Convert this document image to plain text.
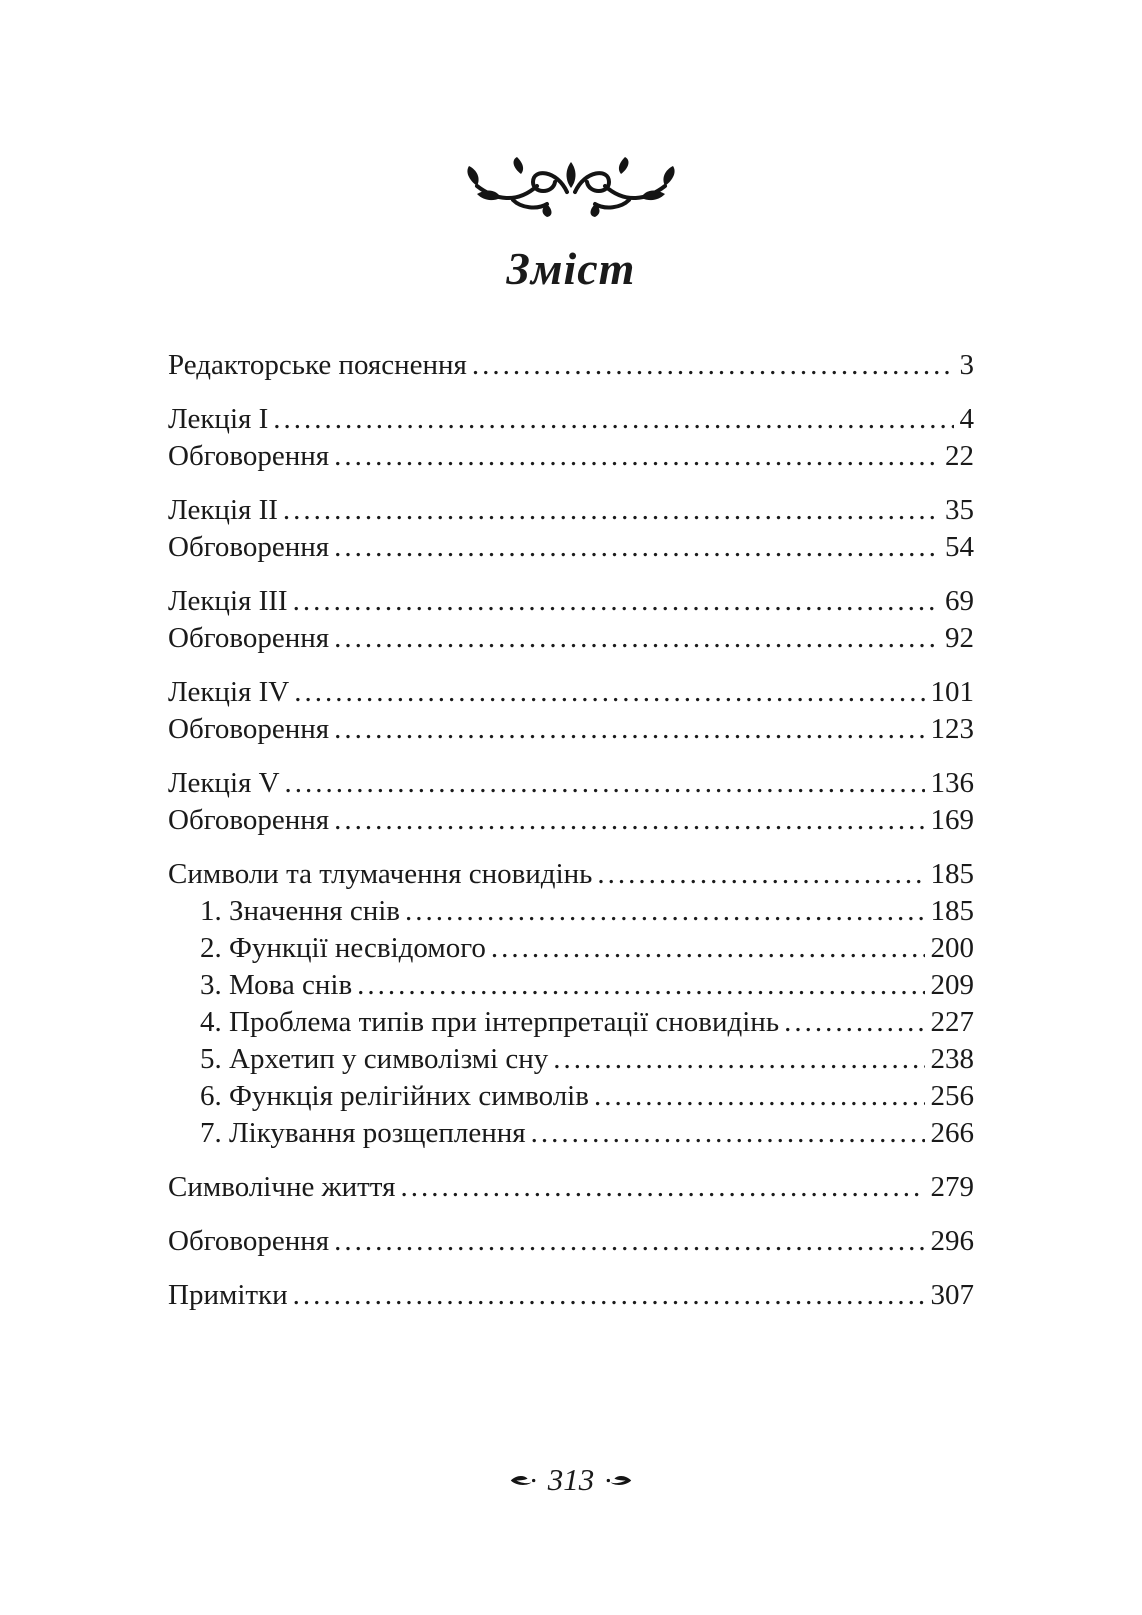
Зміст
Редакторське пояснення .....	3
Лекція I .....	4
Обговорення .....	22
Лекція II .....	35
Обговорення .....	54
Лекція III .....	69
Обговорення .....	92
Лекція IV .....	101
Обговорення .....	123
Лекція V .....	136
Обговорення .....	169
Символи та тлумачення сновидінь .....	185
1. Значення снів .....	185
2. Функції несвідомого .....	200
3. Мова снів .....	209
4. Проблема типів при інтерпретації сновидінь .....	227
5. Архетип у символізмі сну .....	238
6. Функція релігійних символів .....	256
7. Лікування розщеплення .....	266
Символічне життя .....	279
Обговорення .....	296
Примітки .....	307
313
